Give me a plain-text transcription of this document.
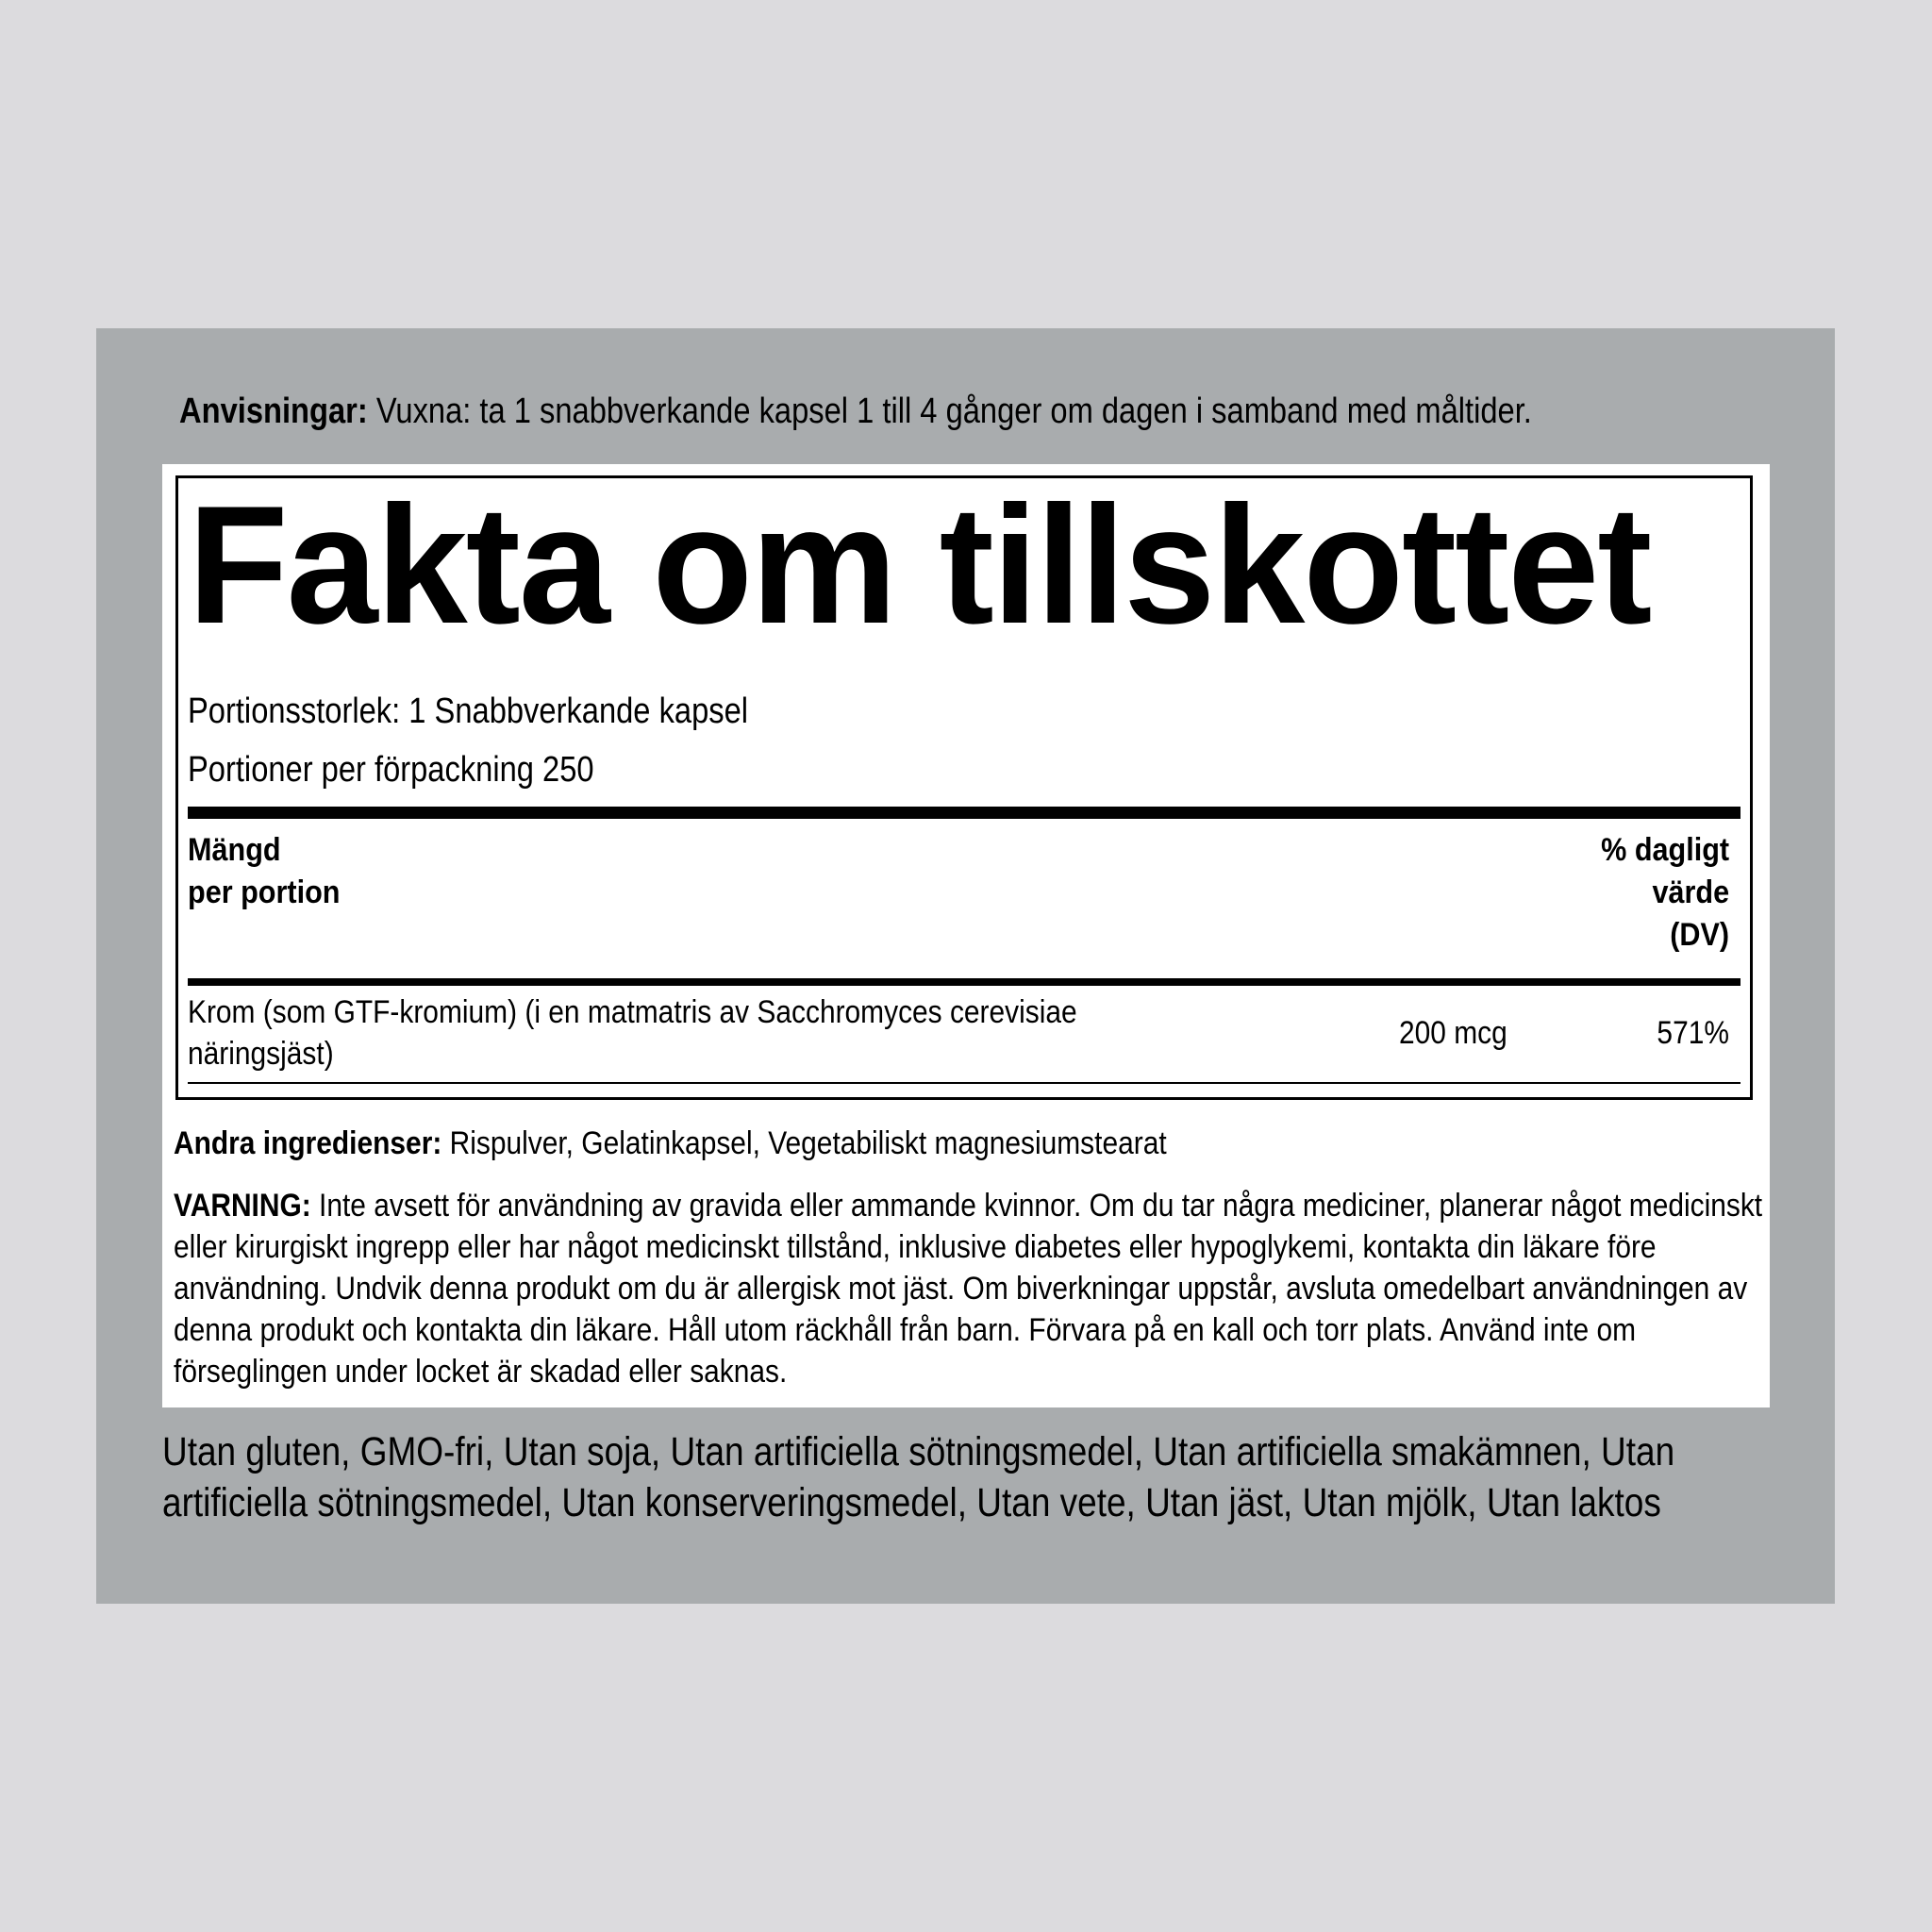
Anvisningar: Vuxna: ta 1 snabbverkande kapsel 1 till 4 gånger om dagen i samband med måltider.
Fakta om tillskottet
Portionsstorlek: 1 Snabbverkande kapsel
Portioner per förpackning 250
Mängd
per portion
% dagligt
värde
(DV)
Krom (som GTF-kromium) (i en matmatris av Sacchromyces cerevisiae näringsjäst)
200 mcg	571%
Andra ingredienser: Rispulver, Gelatinkapsel, Vegetabiliskt magnesiumstearat
VARNING: Inte avsett för användning av gravida eller ammande kvinnor. Om du tar några mediciner, planerar något medicinskt eller kirurgiskt ingrepp eller har något medicinskt tillstånd, inklusive diabetes eller hypoglykemi, kontakta din läkare före användning. Undvik denna produkt om du är allergisk mot jäst. Om biverkningar uppstår, avsluta omedelbart användningen av denna produkt och kontakta din läkare. Håll utom räckhåll från barn. Förvara på en kall och torr plats. Använd inte om förseglingen under locket är skadad eller saknas.
Utan gluten, GMO-fri, Utan soja, Utan artificiella sötningsmedel, Utan artificiella smakämnen, Utan artificiella sötningsmedel, Utan konserveringsmedel, Utan vete, Utan jäst, Utan mjölk, Utan laktos
